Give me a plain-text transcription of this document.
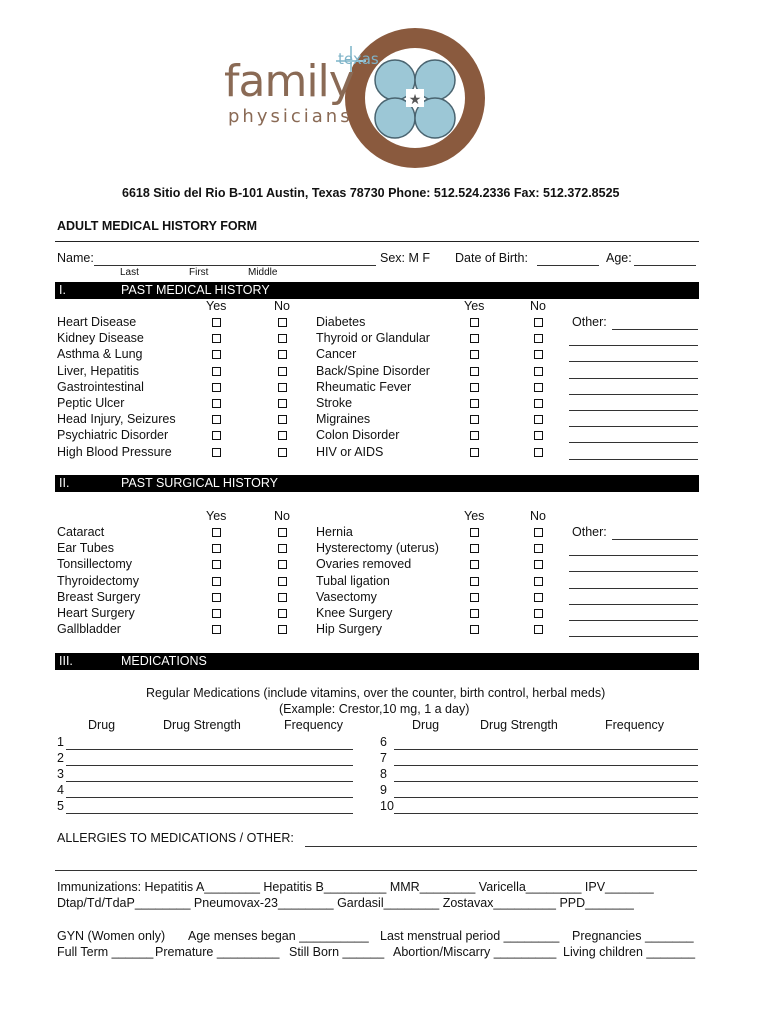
★
family
texas
physicians
6618 Sitio del Rio B-101 Austin, Texas 78730 Phone: 512.524.2336 Fax: 512.372.8525
ADULT MEDICAL HISTORY FORM
Name:	Sex: M F Date of Birth:	Age:
Last	First	Middle
I.	PAST MEDICAL HISTORY
Yes	No	Yes	No
Heart Disease	Diabetes	Other:
Kidney Disease	Thyroid or Glandular
Asthma & Lung	Cancer
Liver, Hepatitis	Back/Spine Disorder
Gastrointestinal	Rheumatic Fever
Peptic Ulcer	Stroke
Head Injury, Seizures	Migraines
Psychiatric Disorder	Colon Disorder
High Blood Pressure	HIV or AIDS
II.	PAST SURGICAL HISTORY
Yes	No	Yes	No
Cataract	Hernia	Other:
Ear Tubes	Hysterectomy (uterus)
Tonsillectomy	Ovaries removed
Thyroidectomy	Tubal ligation
Breast Surgery	Vasectomy
Heart Surgery	Knee Surgery
Gallbladder	Hip Surgery
III.	MEDICATIONS
Regular Medications (include vitamins, over the counter, birth control, herbal meds)
(Example: Crestor,10 mg, 1 a day)
Drug	Drug Strength	Frequency	Drug	Drug Strength	Frequency
1	6
2	7
3	8
4	9
5	10
ALLERGIES TO MEDICATIONS / OTHER:
Immunizations: Hepatitis A________ Hepatitis B_________ MMR________ Varicella________ IPV_______
Dtap/Td/TdaP________ Pneumovax-23________ Gardasil________ Zostavax_________ PPD_______
GYN (Women only) Age menses began __________ Last menstrual period ________ Pregnancies _______
Full Term ______ Premature _________ Still Born ______ Abortion/Miscarry _________ Living children _______
